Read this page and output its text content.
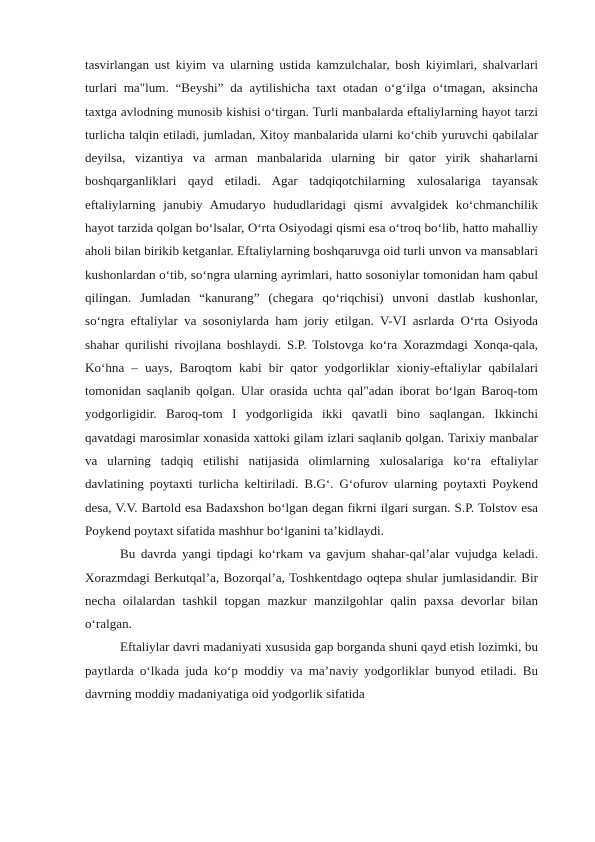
tasvirlangan ust kiyim va ularning ustida kamzulchalar, bosh kiyimlari, shalvarlari turlari ma"lum. “Beyshi” da aytilishicha taxt otadan o‘g‘ilga o‘tmagan, aksincha taxtga avlodning munosib kishisi o‘tirgan. Turli manbalarda eftaliylarning hayot tarzi turlicha talqin etiladi, jumladan, Xitoy manbalarida ularni ko‘chib yuruvchi qabilalar deyilsa, vizantiya va arman manbalarida ularning bir qator yirik shaharlarni boshqarganliklari qayd etiladi. Agar tadqiqotchilarning xulosalariga tayansak eftaliylarning janubiy Amudaryo hududlaridagi qismi avvalgidek ko‘chmanchilik hayot tarzida qolgan bo‘lsalar, O‘rta Osiyodagi qismi esa o‘troq bo‘lib, hatto mahalliy aholi bilan birikib ketganlar. Eftaliylarning boshqaruvga oid turli unvon va mansablari kushonlardan o‘tib, so‘ngra ularning ayrimlari, hatto sosoniylar tomonidan ham qabul qilingan. Jumladan “kanurang” (chegara qo‘riqchisi) unvoni dastlab kushonlar, so‘ngra eftaliylar va sosoniylarda ham joriy etilgan. V-VI asrlarda O‘rta Osiyoda shahar qurilishi rivojlana boshlaydi. S.P. Tolstovga ko‘ra Xorazmdagi Xonqa-qala, Ko‘hna – uays, Baroqtom kabi bir qator yodgorliklar xioniy-eftaliylar qabilalari tomonidan saqlanib qolgan. Ular orasida uchta qal"adan iborat bo‘lgan Baroq-tom yodgorligidir. Baroq-tom I yodgorligida ikki qavatli bino saqlangan. Ikkinchi qavatdagi marosimlar xonasida xattoki gilam izlari saqlanib qolgan. Tarixiy manbalar va ularning tadqiq etilishi natijasida olimlarning xulosalariga ko‘ra eftaliylar davlatining poytaxti turlicha keltiriladi. B.G‘. G‘ofurov ularning poytaxti Poykend desa, V.V. Bartold esa Badaxshon bo‘lgan degan fikrni ilgari surgan. S.P. Tolstov esa Poykend poytaxt sifatida mashhur bo‘lganini ta’kidlaydi.

Bu davrda yangi tipdagi ko‘rkam va gavjum shahar-qal’alar vujudga keladi. Xorazmdagi Berkutqal’a, Bozorqal’a, Toshkentdago oqtepa shular jumlasidandir. Bir necha oilalardan tashkil topgan mazkur manzilgohlar qalin paxsa devorlar bilan o‘ralgan.

Eftaliylar davri madaniyati xususida gap borganda shuni qayd etish lozimki, bu paytlarda o‘lkada juda ko‘p moddiy va ma’naviy yodgorliklar bunyod etiladi. Bu davrning moddiy madaniyatiga oid yodgorlik sifatida
